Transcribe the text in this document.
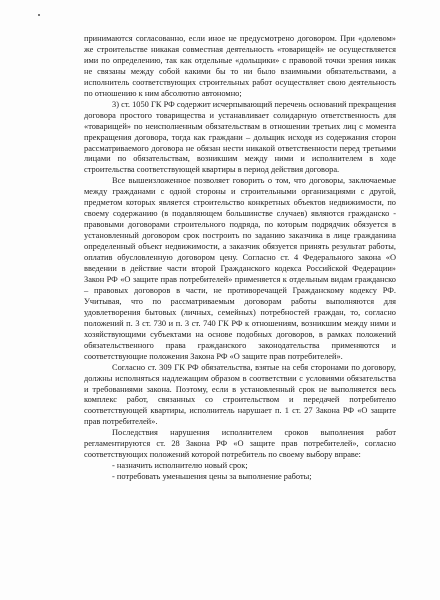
принимаются согласованно, если иное не предусмотрено договором. При «долевом» же строительстве никакая совместная деятельность «товарищей» не осуществляется ими по определению, так как отдельные «дольщики» с правовой точки зрения никак не связаны между собой какими бы то ни было взаимными обязательствами, а исполнитель соответствующих строительных работ осуществляет свою деятельность по отношению к ним абсолютно автономно;

3) ст. 1050 ГК РФ содержит исчерпывающий перечень оснований прекращения договора простого товарищества и устанавливает солидарную ответственность для «товарищей» по неисполненным обязательствам в отношении третьих лиц с момента прекращения договора, тогда как граждани – дольщик исходя из содержания сторон рассматриваемого договора не обязан нести никакой ответственности перед третьими лицами по обязательствам, возникшим между ними и исполнителем в ходе строительства соответствующей квартиры в период действия договора.

Все вышеизложенное позволяет говорить о том, что договоры, заключаемые между гражданами с одной стороны и строительными организациями с другой, предметом которых является строительство конкретных объектов недвижимости, по своему содержанию (в подавляющем большинстве случаев) являются гражданско - правовыми договорами строительного подряда, по которым подрядчик обязуется в установленный договором срок построить по заданию заказчика в лице гражданина определенный объект недвижимости, а заказчик обязуется принять результат работы, оплатив обусловленную договором цену. Согласно ст. 4 Федерального закона «О введении в действие части второй Гражданского кодекса Российской Федерации» Закон РФ «О защите прав потребителей» применяется к отдельным видам гражданско – правовых договоров в части, не противоречащей Гражданскому кодексу РФ. Учитывая, что по рассматриваемым договорам работы выполняются для удовлетворения бытовых (личных, семейных) потребностей граждан, то, согласно положений п. 3 ст. 730 и п. 3 ст. 740 ГК РФ к отношениям, возникшим между ними и хозяйствующими субъектами на основе подобных договоров, в рамках положений обязательственного права гражданского законодательства применяются и соответствующие положения Закона РФ «О защите прав потребителей».

Согласно ст. 309 ГК РФ обязательства, взятые на себя сторонами по договору, должны исполняться надлежащим образом в соответствии с условиями обязательства и требованиями закона. Поэтому, если в установленный срок не выполняется весь комплекс работ, связанных со строительством и передачей потребителю соответствующей квартиры, исполнитель нарушает п. 1 ст. 27 Закона РФ «О защите прав потребителей».

Последствия нарушения исполнителем сроков выполнения работ регламентируются ст. 28 Закона РФ «О защите прав потребителей», согласно соответствующих положений которой потребитель по своему выбору вправе:

- назначить исполнителю новый срок;
- потребовать уменьшения цены за выполнение работы;
